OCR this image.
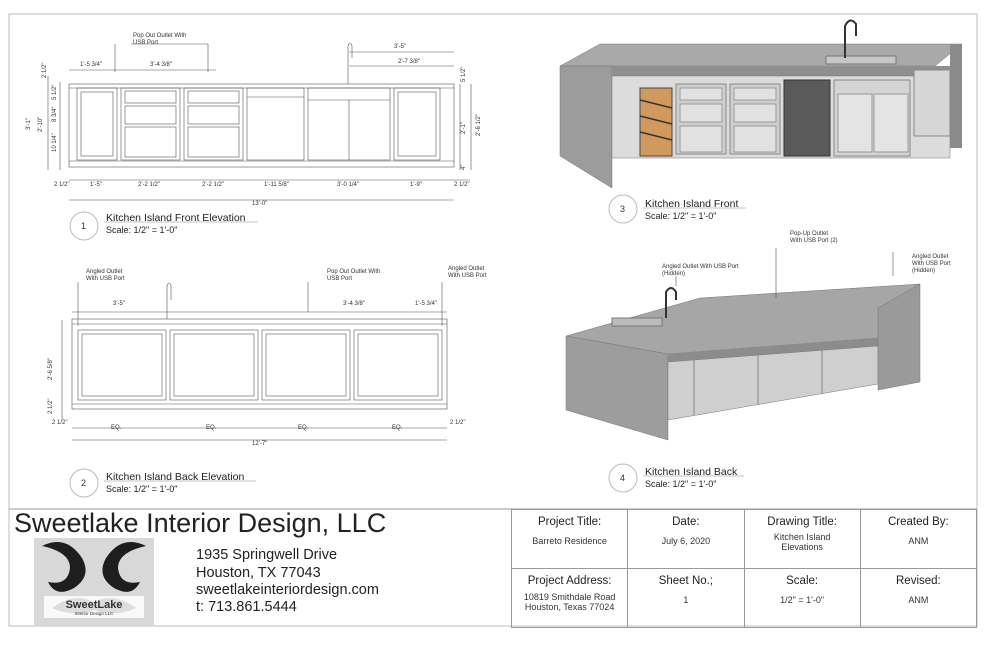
Pop Out Outlet With
USB Port
1'-5 3/4"	3'-4 3/8"
3'-5"
2'-7 3/8"
3'-1" 2'-10"
10 1/4"
8 3/4"
5 1/2"
2 1/2"	5 1/2"
2'-1" 2'-6 1/2"
4"
2 1/2"	1'-5"	2'-2 1/2"	2'-2 1/2"	1'-11 5/8"	3'-0 1/4"	1'-9"	2 1/2"
13'-0"
1
Kitchen Island Front Elevation
Scale: 1/2" = 1'-0"
Angled Outlet
With USB Port
Pop Out Outlet With
USB Port
Angled Outlet
With USB Port
3'-5"	3'-4 3/8"	1'-5 3/4"
2'-6 5/8"
2 1/2"
2 1/2"
EQ.	EQ.	EQ.	EQ.
2 1/2"
12'-7"
2 Kitchen Island Back Elevation
Scale: 1/2" = 1'-0"
3 Kitchen Island Front
Scale: 1/2" = 1'-0"
Angled Outlet With USB Port
(Hidden)
Pop-Up Outlet
With USB Port (2)
Angled Outlet
With USB Port
(Hidden)
4 Kitchen Island Back
Scale: 1/2" = 1'-0"
Sweetlake Interior Design, LLC
SweetLake
Interior Design LLC
1935 Springwell Drive
Houston, TX 77043
sweetlakeinteriordesign.com
t: 713.861.5444
Project Title:
Barreto Residence	Date:
July 6, 2020	Drawing Title:
Kitchen Island
Elevations	Created By:
ANM

Project Address:
10819 Smithdale Road
Houston, Texas 77024	Sheet No.;
1	Scale:
1/2" = 1'-0"	Revised:
ANM
